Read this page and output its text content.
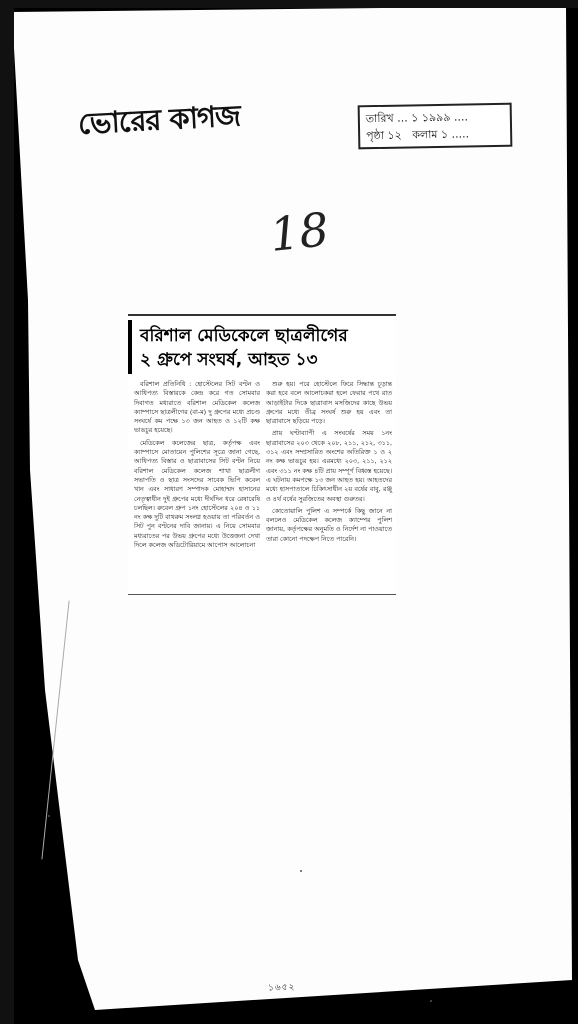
ভোরের কাগজ	তারিখ ... ১ ১৯৯৯ ....
পৃষ্ঠা ১২ কলাম ১ .....
18
বরিশাল মেডিকেলে ছাত্রলীগের
২ গ্রুপে সংঘর্ষ, আহত ১৩

বরিশাল প্রতিনিধি : হোস্টেলের সিট বণ্টন ও আধিপত্য বিস্তারকে কেন্দ্র করে গত সোমবার দিবাগত মধ্যরাতে বরিশাল মেডিকেল কলেজ ক্যাম্পাসে ছাত্রলীগের (বা-ম) দু গ্রুপের মধ্যে প্রচণ্ড সংঘর্ষে কম পক্ষে ১৩ জন আহত ও ১২টি কক্ষ ভাঙচুর হয়েছে।

মেডিকেল কলেজের ছাত্র, কর্তৃপক্ষ এবং ক্যাম্পাসে মোতায়েন পুলিশের সূত্রে জানা গেছে, আধিপত্য বিস্তার ও ছাত্রাবাসের সিট বণ্টন নিয়ে বরিশাল মেডিকেল কলেজ শাখা ছাত্রলীগ সভাপতি ও ছাত্র সংসদের সাবেক ভিপি কবেল খান এবং সাধারণ সম্পাদক মোহাম্মদ হাসানের নেতৃত্বাধীন দুই গ্রুপের মধ্যে দীর্ঘদিন ধরে রেষারেষি চলছিল। রুবেল গ্রুপ ১নং হোস্টেলের ২০৪ ও ১১ নং কক্ষ দুটি বাথরুম সংলগ্ন হওয়ায় তা পরিবর্তন ও সিট পুন বণ্টনের দাবি জানায়। এ নিয়ে সোমবার মধ্যরাতের পর উভয় গ্রুপের মধ্যে উত্তেজনা দেখা দিলে কলেজ অডিটোরিয়ামে আপোস আলোচনা

শুরু হয়। পরে হোস্টেলে ফিরে সিদ্ধান্ত চূড়ান্ত করা হবে বলে আলোচকরা হলে ফেরার পথে রাত আড়াইটার দিকে ছাত্রাবাস মসজিদের কাছে উভয় গ্রুপের মধ্যে তীব্র সংঘর্ষ শুরু হয় এবং তা ছাত্রাবাসে ছড়িয়ে পড়ে।

প্রায় ঘণ্টাব্যাপী এ সংঘর্ষের সময় ১নং ছাত্রাবাসের ২০৩ থেকে ২০৮, ২১১, ২১২, ৩১১, ৩১২ এবং সম্প্রসারিত অংশের অতিরিক্ত ১ ও ২ নং কক্ষ ভাঙচুর হয়। এরমধ্যে ২০৩, ২১১, ২১২ এবং ৩১১ নং কক্ষ ৪টি প্রায় সম্পূর্ণ বিধ্বস্ত হয়েছে। এ ঘটনায় কমপক্ষে ১৩ জন আহত হয়। আহতদের মধ্যে হাসপাতালে চিকিৎসাধীন ২য় বর্ষের বাবু, রঞ্জু ও ৪র্থ বর্ষের সুরজিতের অবস্থা গুরুতর।

কোতোয়ালি পুলিশ এ সম্পর্কে কিছু জানে না বললেও মেডিকেল কলেজ ক্যাম্পের পুলিশ জানায়, কর্তৃপক্ষের অনুমতি ও নির্দেশ না পাওয়াতে তারা কোনো পদক্ষেপ নিতে পারেনি।

১৬৫২
